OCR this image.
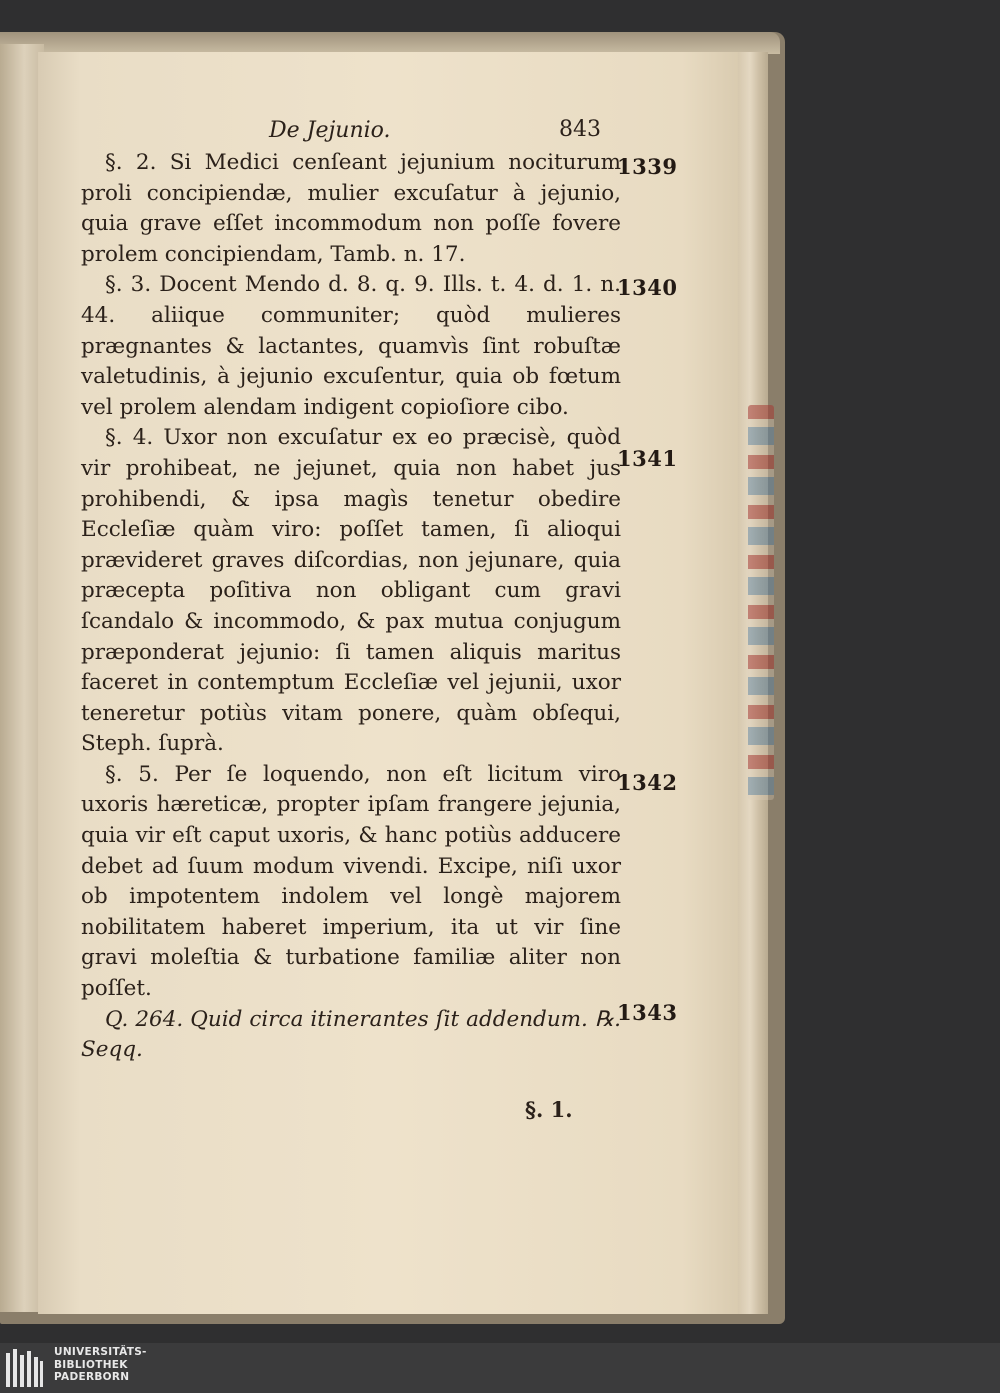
De Jejunio.	843

§. 2. Si Medici cenſeant jejunium nociturum proli concipiendæ, mulier excuſatur à jejunio, quia grave eſſet incommodum non poſſe fovere prolem concipiendam, Tamb. n. 17.

§. 3. Docent Mendo d. 8. q. 9. Ills. t. 4. d. 1. n. 44. aliique communiter; quòd mulieres prægnantes & lactantes, quamvìs ſint robuſtæ valetudinis, à jejunio excuſentur, quia ob fœtum vel prolem alendam indigent copioſiore cibo.

§. 4. Uxor non excuſatur ex eo præcisè, quòd vir prohibeat, ne jejunet, quia non habet jus prohibendi, & ipsa magìs tenetur obedire Eccleſiæ quàm viro: poſſet tamen, ſi alioqui prævideret graves diſcordias, non jejunare, quia præcepta poſitiva non obligant cum gravi ſcandalo & incommodo, & pax mutua conjugum præponderat jejunio: ſi tamen aliquis maritus faceret in contemptum Eccleſiæ vel jejunii, uxor teneretur potiùs vitam ponere, quàm obſequi, Steph. ſuprà.

§. 5. Per ſe loquendo, non eſt licitum viro uxoris hæreticæ, propter ipſam frangere jejunia, quia vir eſt caput uxoris, & hanc potiùs adducere debet ad ſuum modum vivendi. Excipe, niſi uxor ob impotentem indolem vel longè majorem nobilitatem haberet imperium, ita ut vir ſine gravi moleſtia & turbatione familiæ aliter non poſſet.

Q. 264. Quid circa itinerantes ſit addendum. ℞. Seqq.

1339
1340
1341
1342
1343
§. 1.
UNIVERSITÄTS-
BIBLIOTHEK
PADERBORN
